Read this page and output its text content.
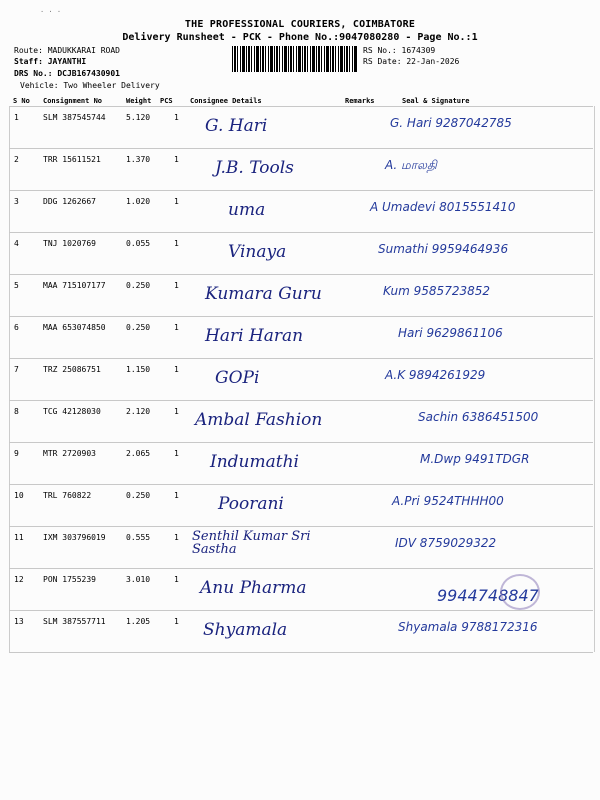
· · ·
THE PROFESSIONAL COURIERS, COIMBATORE
Delivery Runsheet - PCK - Phone No.:9047080280 - Page No.:1
Route: MADUKKARAI ROAD
Staff: JAYANTHI
DRS No.: DCJB167430901
Vehicle: Two Wheeler Delivery
RS No.: 1674309
RS Date: 22-Jan-2026
S No Consignment No	Weight PCS Consignee Details	Remarks	Seal & Signature
1	SLM 387545744	5.120	1 G. Hari	G. Hari 9287042785
2	TRR 15611521	1.370	1 J.B. Tools	A. மாலதி
3	DDG 1262667	1.020	1	uma	A Umadevi 8015551410
4	TNJ 1020769	0.055	1	Vinaya	Sumathi 9959464936
5	MAA 715107177	0.250	1 Kumara Guru	Kum 9585723852
6	MAA 653074850	0.250	1 Hari Haran	Hari 9629861106
7	TRZ 25086751	1.150	1 GOPi	A.K 9894261929
8	TCG 42128030	2.120	1 Ambal Fashion	Sachin 6386451500
9	MTR 2720903	2.065	1 Indumathi	M.Dwp 9491TDGR
10 TRL 760822	0.250	1 Poorani	A.Pri 9524THHH00
11 IXM 303796019	0.555	1 Senthil Kumar Sri Sastha	IDV 8759029322
12 PON 1755239	3.010	1 Anu Pharma	9944748847
13 SLM 387557711	1.205	1 Shyamala	Shyamala 9788172316
